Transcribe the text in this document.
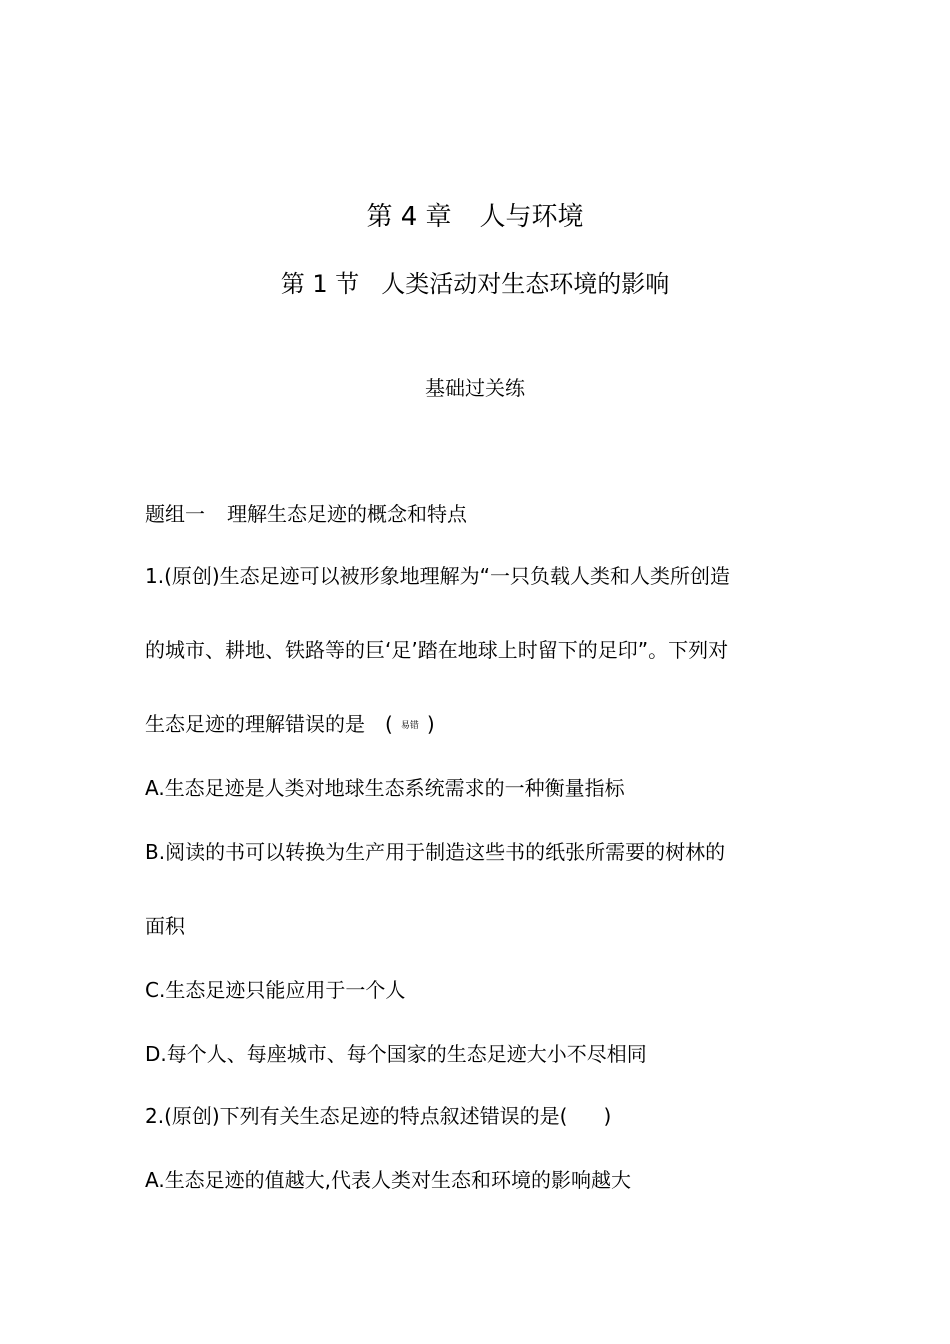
第 4 章 人与环境
第 1 节 人类活动对生态环境的影响
基础过关练

题组一 理解生态足迹的概念和特点

1.(原创)生态足迹可以被形象地理解为“一只负载人类和人类所创造

的城市、耕地、铁路等的巨‘足’踏在地球上时留下的足印”。下列对

生态足迹的理解错误的是 ( 易错 )

A.生态足迹是人类对地球生态系统需求的一种衡量指标

B.阅读的书可以转换为生产用于制造这些书的纸张所需要的树林的

面积

C.生态足迹只能应用于一个人

D.每个人、每座城市、每个国家的生态足迹大小不尽相同

2.(原创)下列有关生态足迹的特点叙述错误的是( )

A.生态足迹的值越大,代表人类对生态和环境的影响越大
